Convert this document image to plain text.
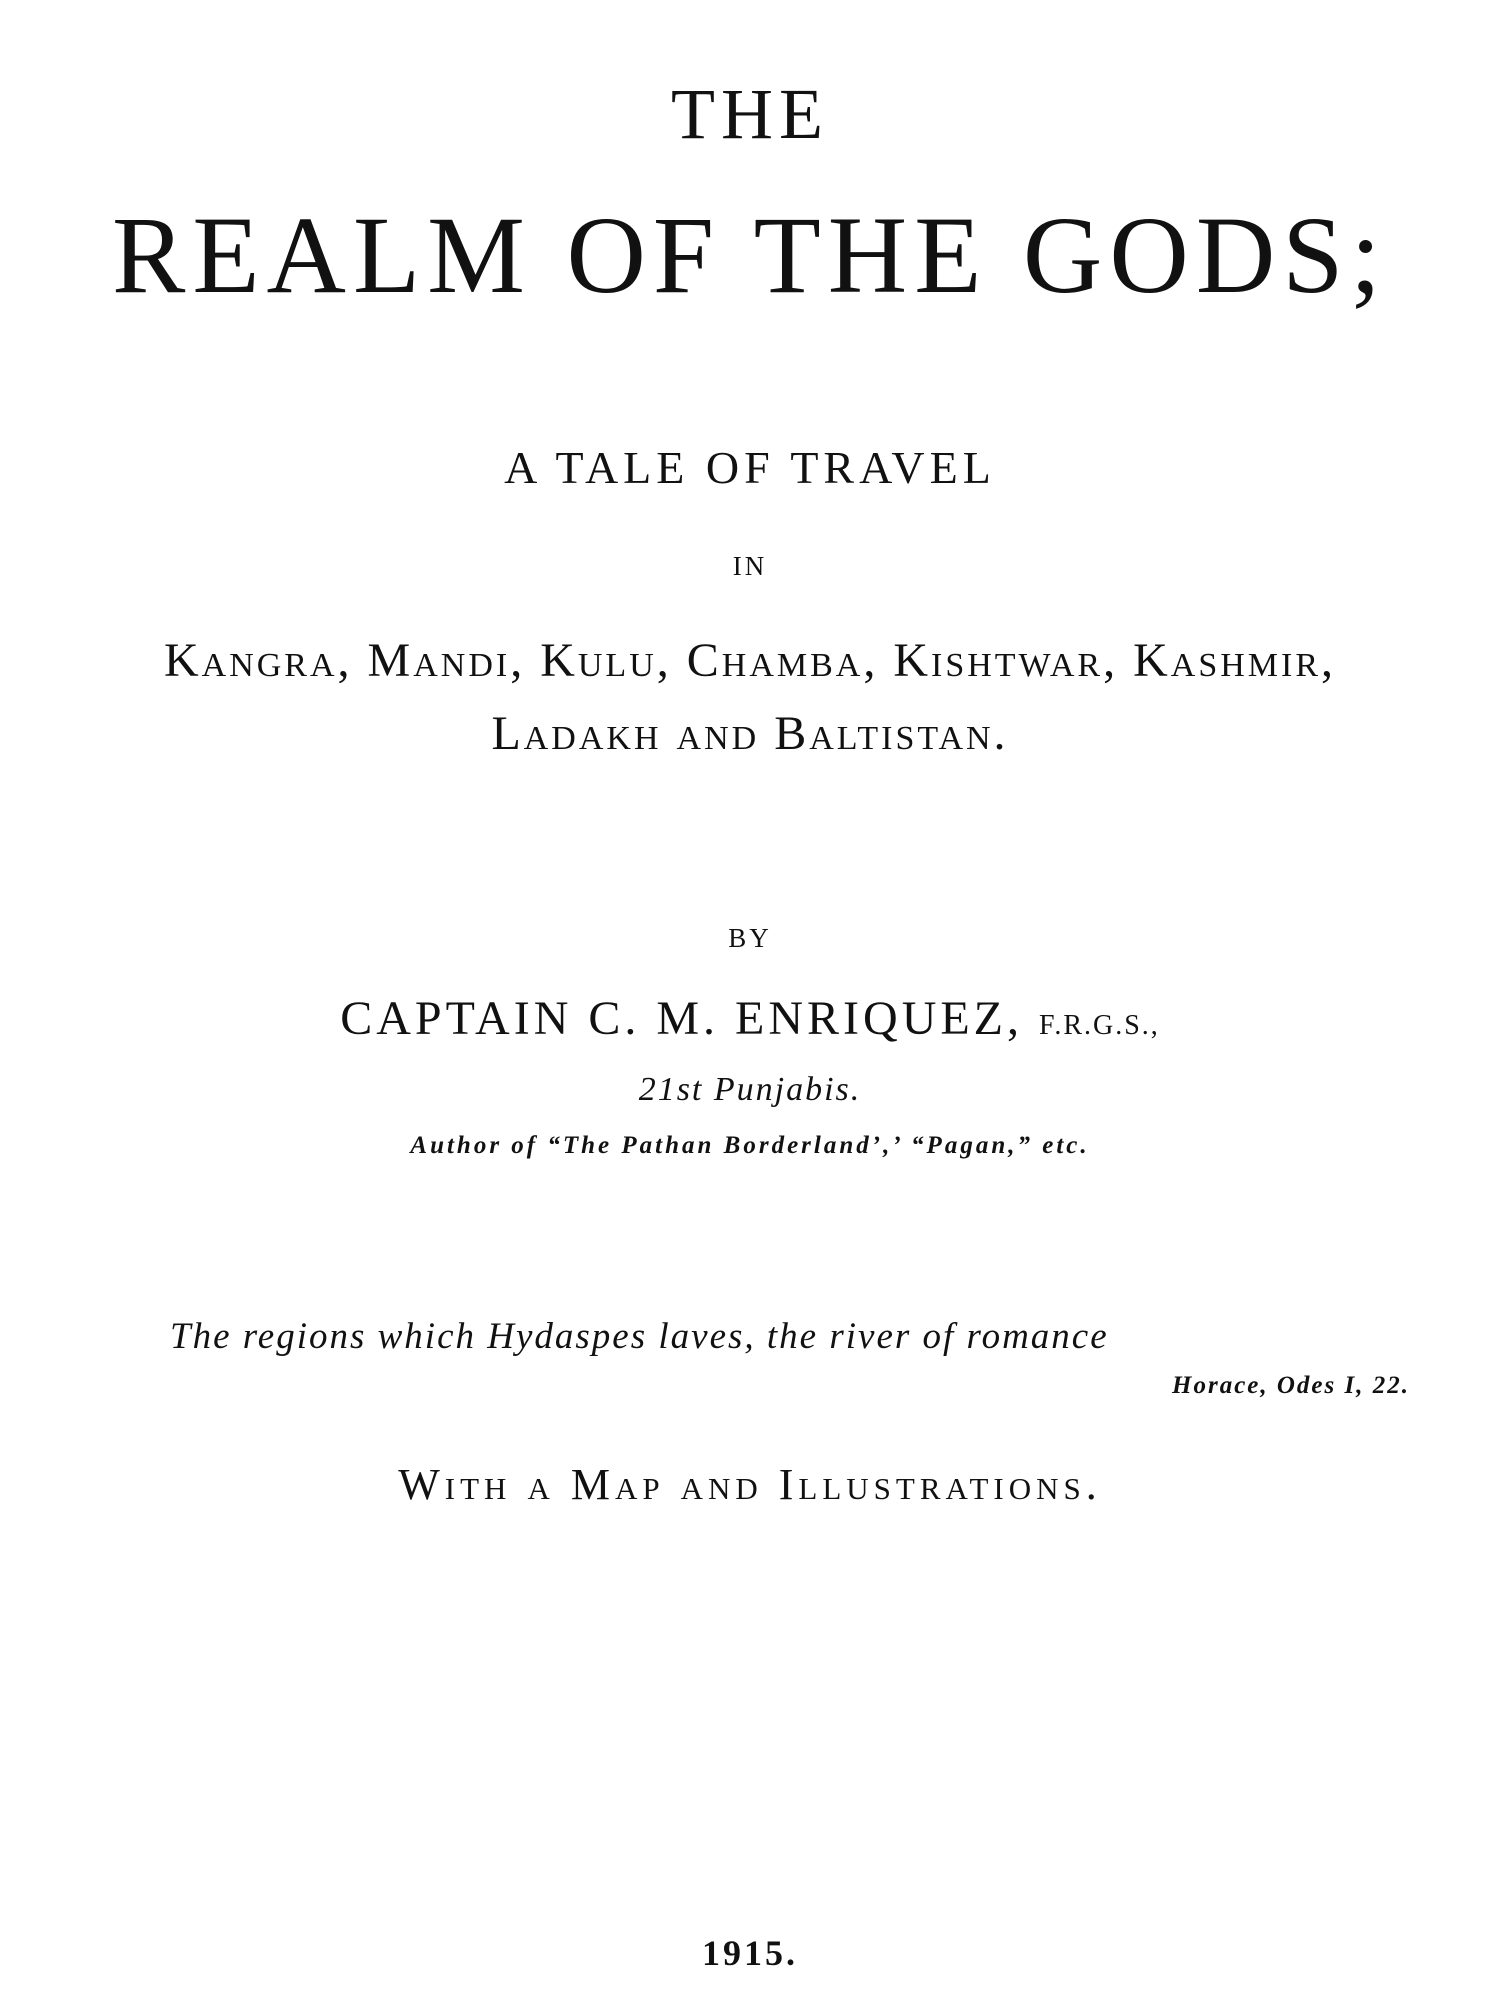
THE
REALM OF THE GODS;
A TALE OF TRAVEL
IN
Kangra, Mandi, Kulu, Chamba, Kishtwar, Kashmir,
Ladakh and Baltistan.
BY
CAPTAIN C. M. ENRIQUEZ, F.R.G.S.,
21st Punjabis.
Author of “The Pathan Borderland’,’ “Pagan,” etc.
The regions which Hydaspes laves, the river of romance
Horace, Odes I, 22.
With a Map and Illustrations.
1915.
